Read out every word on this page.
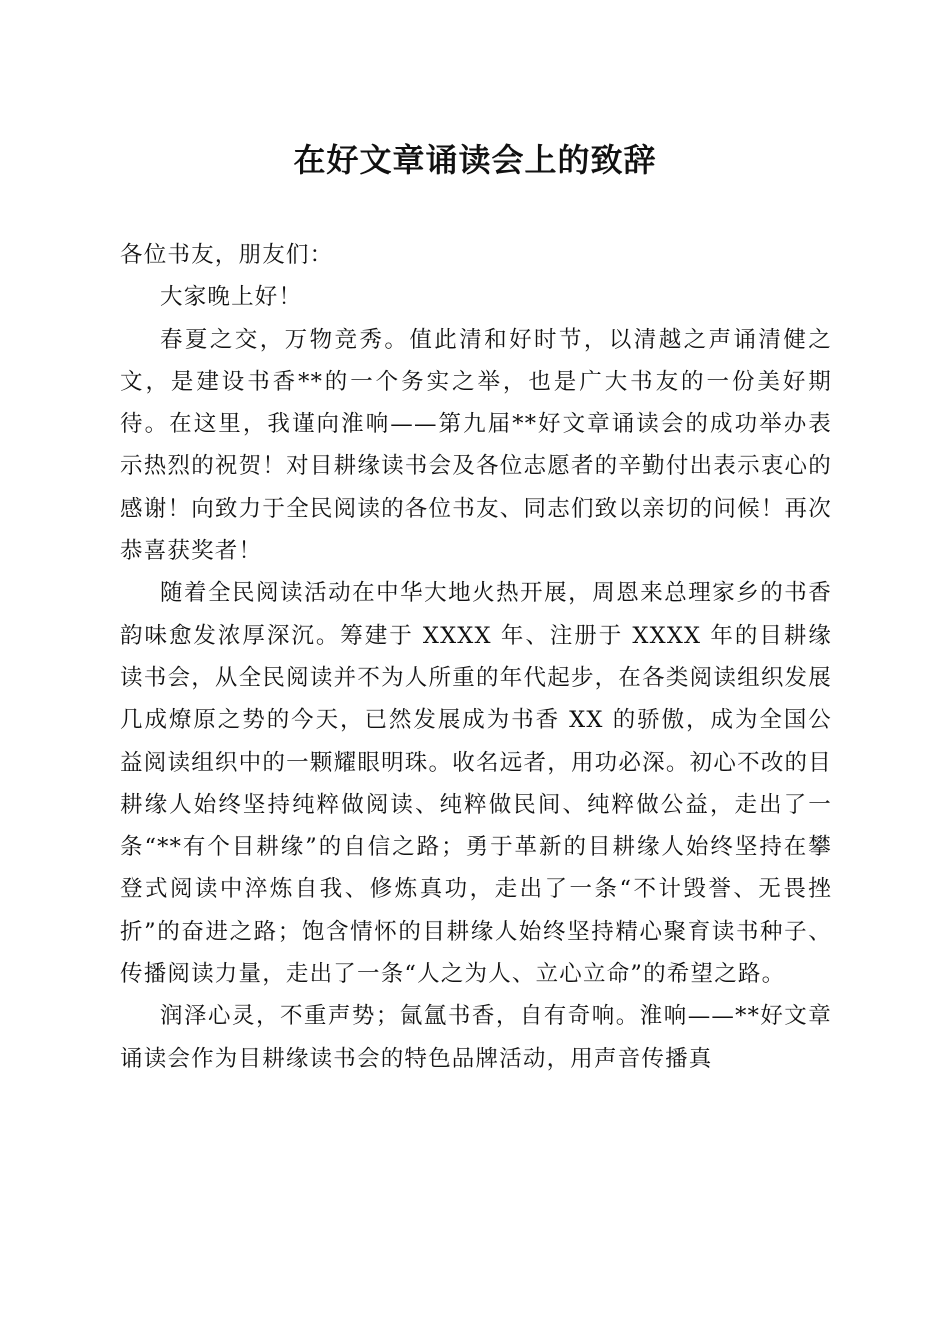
在好文章诵读会上的致辞

各位书友，朋友们：

大家晚上好！

春夏之交，万物竞秀。值此清和好时节，以清越之声诵清健之文，是建设书香**的一个务实之举，也是广大书友的一份美好期待。在这里，我谨向淮响——第九届**好文章诵读会的成功举办表示热烈的祝贺！对目耕缘读书会及各位志愿者的辛勤付出表示衷心的感谢！向致力于全民阅读的各位书友、同志们致以亲切的问候！再次恭喜获奖者！

随着全民阅读活动在中华大地火热开展，周恩来总理家乡的书香韵味愈发浓厚深沉。筹建于 XXXX 年、注册于 XXXX 年的目耕缘读书会，从全民阅读并不为人所重的年代起步，在各类阅读组织发展几成燎原之势的今天，已然发展成为书香 XX 的骄傲，成为全国公益阅读组织中的一颗耀眼明珠。收名远者，用功必深。初心不改的目耕缘人始终坚持纯粹做阅读、纯粹做民间、纯粹做公益，走出了一条“**有个目耕缘”的自信之路；勇于革新的目耕缘人始终坚持在攀登式阅读中淬炼自我、修炼真功，走出了一条“不计毁誉、无畏挫折”的奋进之路；饱含情怀的目耕缘人始终坚持精心聚育读书种子、传播阅读力量，走出了一条“人之为人、立心立命”的希望之路。

润泽心灵，不重声势；氤氲书香，自有奇响。淮响——**好文章诵读会作为目耕缘读书会的特色品牌活动，用声音传播真
